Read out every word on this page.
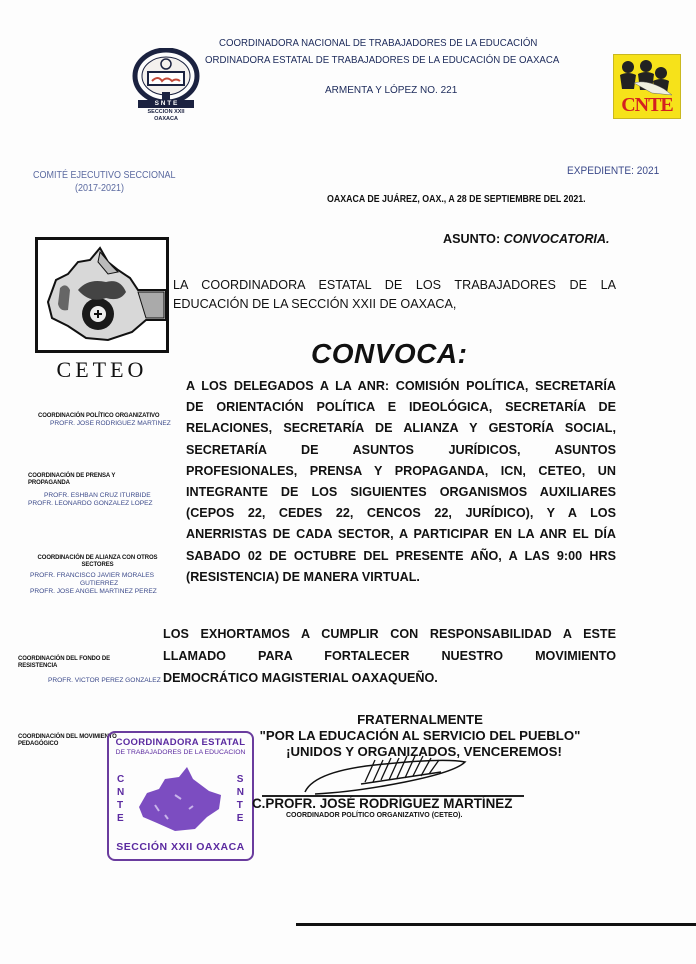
S N T E
SECCION XXII
OAXACA
COORDINADORA NACIONAL DE TRABAJADORES DE LA EDUCACIÓN
ORDINADORA ESTATAL DE TRABAJADORES DE LA EDUCACIÓN DE OAXACA
ARMENTA Y LÓPEZ NO. 221
CNTE
COMITÉ EJECUTIVO SECCIONAL
(2017-2021)
EXPEDIENTE: 2021
OAXACA DE JUÁREZ, OAX., A 28 DE SEPTIEMBRE DEL 2021.
ASUNTO: CONVOCATORIA.
CETEO
LA COORDINADORA ESTATAL DE LOS TRABAJADORES DE LA
EDUCACIÓN DE LA SECCIÓN XXII DE OAXACA,
CONVOCA:
A LOS DELEGADOS A LA ANR: COMISIÓN POLÍTICA, SECRETARÍA
DE ORIENTACIÓN POLÍTICA E IDEOLÓGICA, SECRETARÍA DE
RELACIONES, SECRETARÍA DE ALIANZA Y GESTORÍA SOCIAL,
SECRETARÍA DE ASUNTOS JURÍDICOS, ASUNTOS
PROFESIONALES, PRENSA Y PROPAGANDA, ICN, CETEO, UN
INTEGRANTE DE LOS SIGUIENTES ORGANISMOS AUXILIARES
(CEPOS 22, CEDES 22, CENCOS 22, JURÍDICO), Y A LOS
ANERRISTAS DE CADA SECTOR, A PARTICIPAR EN LA ANR EL DÍA
SABADO 02 DE OCTUBRE DEL PRESENTE AÑO, A LAS 9:00 HRS
(RESISTENCIA) DE MANERA VIRTUAL.
LOS EXHORTAMOS A CUMPLIR CON RESPONSABILIDAD A ESTE
LLAMADO PARA FORTALECER NUESTRO MOVIMIENTO
DEMOCRÁTICO MAGISTERIAL OAXAQUEÑO.
COORDINACIÓN POLÍTICO ORGANIZATIVO
PROFR. JOSE RODRIGUEZ MARTINEZ
COORDINACIÓN DE PRENSA Y PROPAGANDA
PROFR. ESHBAN CRUZ ITURBIDE
PROFR. LEONARDO GONZALEZ LOPEZ
COORDINACIÓN DE ALIANZA CON OTROS SECTORES
PROFR. FRANCISCO JAVIER MORALES
GUTIERREZ
PROFR. JOSE ANGEL MARTINEZ PEREZ
COORDINACIÓN DEL FONDO DE RESISTENCIA
PROFR. VICTOR PEREZ GONZALEZ
COORDINACIÓN DEL MOVIMIENTO PEDAGÓGICO	COORDINADORA ESTATAL
DE TRABAJADORES DE LA EDUCACIÓN
C
N
T
E
S
N
T
E
SECCIÓN XXII OAXACA
FRATERNALMENTE
"POR LA EDUCACIÓN AL SERVICIO DEL PUEBLO"
¡UNIDOS Y ORGANIZADOS, VENCEREMOS!
C.PROFR. JOSÉ RODRÍGUEZ MARTÍNEZ
COORDINADOR POLÍTICO ORGANIZATIVO (CETEO).
